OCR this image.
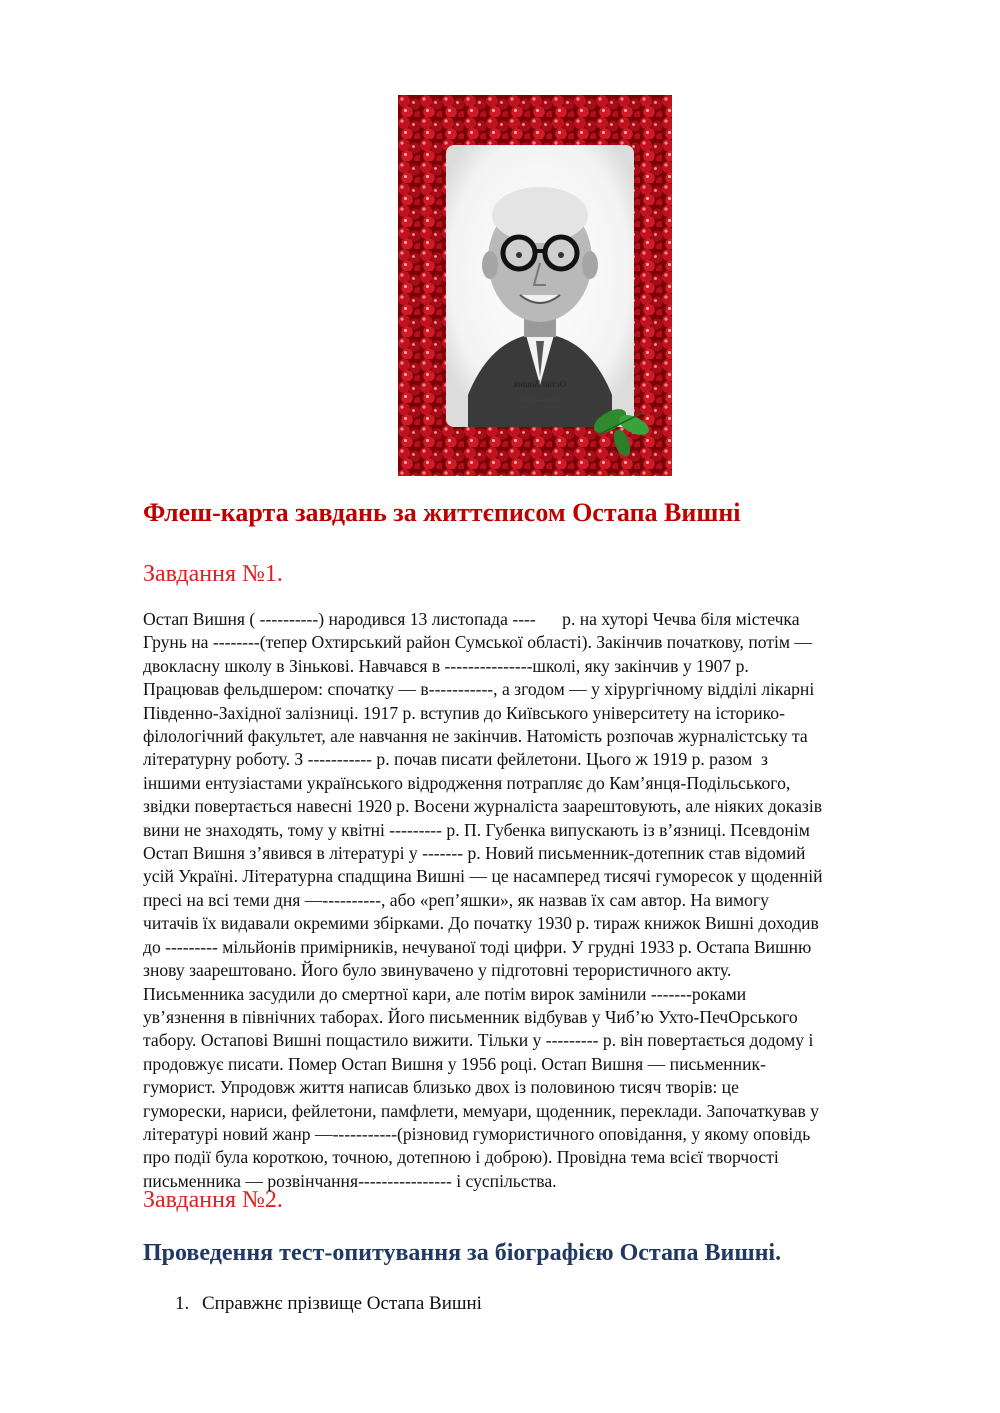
Остап Вишня
(1889—1956)
Флеш-карта завдань за життєписом Остапа Вишні
Завдання №1.
Остап Вишня ( ----------) народився 13 листопада ----      р. на хуторі Чечва біля містечка
Грунь на --------(тепер Охтирський район Сумської області). Закінчив початкову, потім —
двокласну школу в Зінькові. Навчався в ---------------школі, яку закінчив у 1907 р.
Працював фельдшером: спочатку — в-----------, а згодом — у хірургічному відділі лікарні
Південно-Західної залізниці. 1917 р. вступив до Київського університету на історико-
філологічний факультет, але навчання не закінчив. Натомість розпочав журналістську та
літературну роботу. З ----------- р. почав писати фейлетони. Цього ж 1919 р. разом  з
іншими ентузіастами українського відродження потрапляє до Кам’янця-Подільського,
звідки повертається навесні 1920 р. Восени журналіста заарештовують, але ніяких доказів
вини не знаходять, тому у квітні --------- р. П. Губенка випускають із в’язниці. Псевдонім
Остап Вишня з’явився в літературі у ------- р. Новий письменник-дотепник став відомий
усій Україні. Літературна спадщина Вишні — це насамперед тисячі гуморесок у щоденній
пресі на всі теми дня —----------, або «реп’яшки», як назвав їх сам автор. На вимогу
читачів їх видавали окремими збірками. До початку 1930 р. тираж книжок Вишні доходив
до --------- мільйонів примірників, нечуваної тоді цифри. У грудні 1933 р. Остапа Вишню
знову заарештовано. Його було звинувачено у підготовні терористичного акту.
Письменника засудили до смертної кари, але потім вирок замінили -------роками
ув’язнення в північних таборах. Його письменник відбував у Чиб’ю Ухто-ПечОрського
табору. Остапові Вишні пощастило вижити. Тільки у --------- р. він повертається додому і
продовжує писати. Помер Остап Вишня у 1956 році. Остап Вишня — письменник-
гуморист. Упродовж життя написав близько двох із половиною тисяч творів: це
гуморески, нариси, фейлетони, памфлети, мемуари, щоденник, переклади. Започаткував у
літературі новий жанр —-----------(різновид гумористичного оповідання, у якому оповідь
про події була короткою, точною, дотепною і доброю). Провідна тема всієї творчості
письменника — розвінчання---------------- і суспільства.
Завдання №2.
Проведення тест-опитування за біографією Остапа Вишні.
1. Справжнє прізвище Остапа Вишні
